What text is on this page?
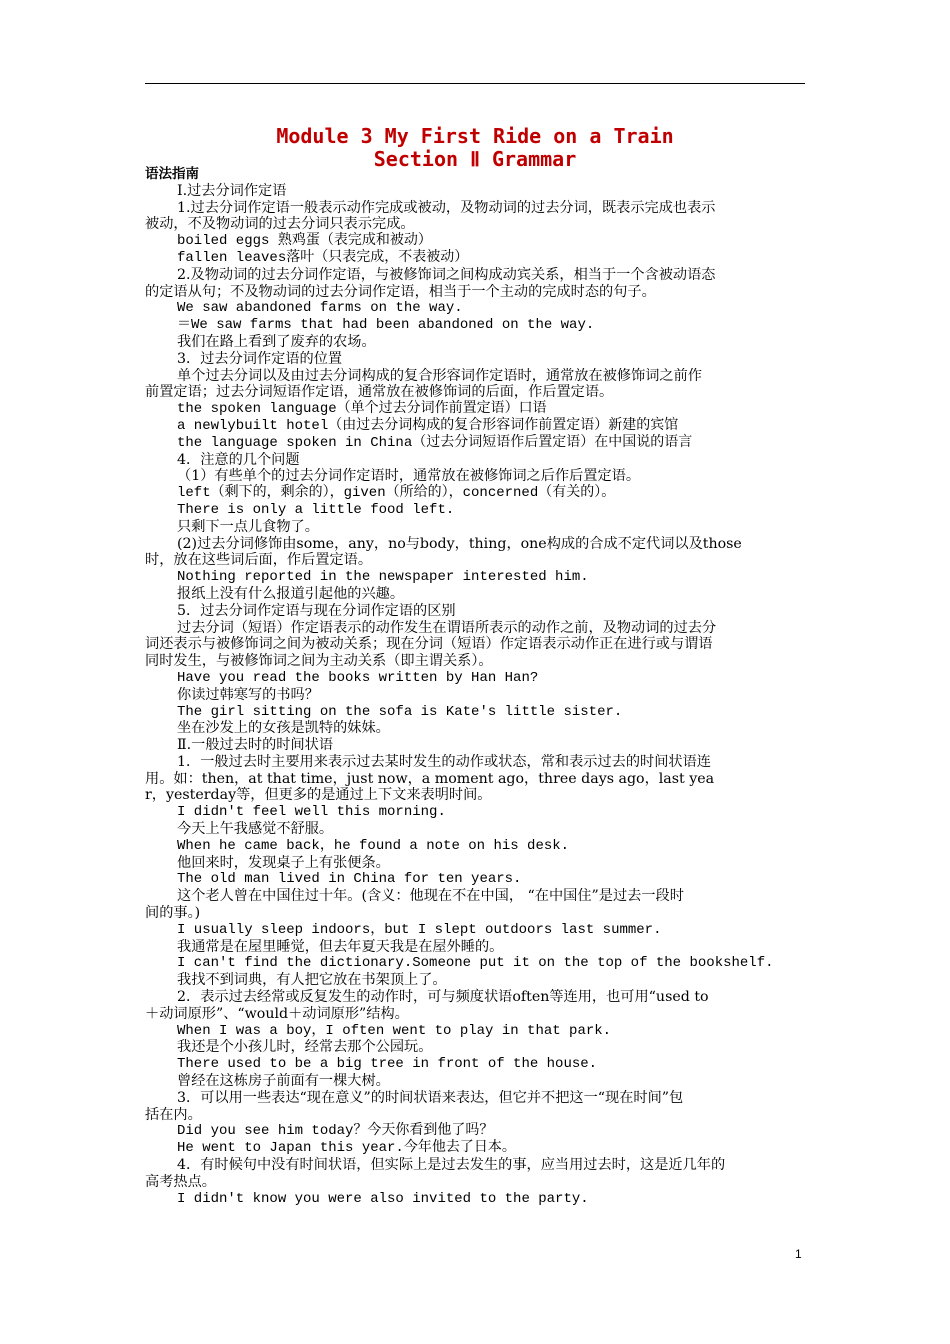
Module 3 My First Ride on a Train
Section Ⅱ Grammar
语法指南
Ⅰ.过去分词作定语
1.过去分词作定语一般表示动作完成或被动，及物动词的过去分词，既表示完成也表示
被动，不及物动词的过去分词只表示完成。
boiled eggs 熟鸡蛋（表完成和被动）
fallen leaves落叶（只表完成，不表被动）
2.及物动词的过去分词作定语，与被修饰词之间构成动宾关系，相当于一个含被动语态
的定语从句；不及物动词的过去分词作定语，相当于一个主动的完成时态的句子。
We saw abandoned farms on the way.
＝We saw farms that had been abandoned on the way.
我们在路上看到了废弃的农场。
3．过去分词作定语的位置
单个过去分词以及由过去分词构成的复合形容词作定语时，通常放在被修饰词之前作
前置定语；过去分词短语作定语，通常放在被修饰词的后面，作后置定语。
the spoken language（单个过去分词作前置定语）口语
a newlybuilt hotel（由过去分词构成的复合形容词作前置定语）新建的宾馆
the language spoken in China（过去分词短语作后置定语）在中国说的语言
4．注意的几个问题
（1）有些单个的过去分词作定语时，通常放在被修饰词之后作后置定语。
left（剩下的，剩余的），given（所给的），concerned（有关的）。
There is only a little food left.
只剩下一点儿食物了。
(2)过去分词修饰由some，any，no与body，thing，one构成的合成不定代词以及those
时，放在这些词后面，作后置定语。
Nothing reported in the newspaper interested him.
报纸上没有什么报道引起他的兴趣。
5．过去分词作定语与现在分词作定语的区别
过去分词（短语）作定语表示的动作发生在谓语所表示的动作之前，及物动词的过去分
词还表示与被修饰词之间为被动关系；现在分词（短语）作定语表示动作正在进行或与谓语
同时发生，与被修饰词之间为主动关系（即主谓关系）。
Have you read the books written by Han Han?
你读过韩寒写的书吗？
The girl sitting on the sofa is Kate's little sister.
坐在沙发上的女孩是凯特的妹妹。
Ⅱ.一般过去时的时间状语
1．一般过去时主要用来表示过去某时发生的动作或状态，常和表示过去的时间状语连
用。如：then，at that time，just now，a moment ago，three days ago，last yea
r，yesterday等，但更多的是通过上下文来表明时间。
I didn't feel well this morning.
今天上午我感觉不舒服。
When he came back，he found a note on his desk.
他回来时，发现桌子上有张便条。
The old man lived in China for ten years.
这个老人曾在中国住过十年。(含义：他现在不在中国， “在中国住”是过去一段时
间的事。)
I usually sleep indoors，but I slept outdoors last summer.
我通常是在屋里睡觉，但去年夏天我是在屋外睡的。
I can't find the dictionary.Someone put it on the top of the bookshelf.
我找不到词典，有人把它放在书架顶上了。
2．表示过去经常或反复发生的动作时，可与频度状语often等连用，也可用“used to
＋动词原形”、“would＋动词原形”结构。
When I was a boy，I often went to play in that park.
我还是个小孩儿时，经常去那个公园玩。
There used to be a big tree in front of the house.
曾经在这栋房子前面有一棵大树。
3．可以用一些表达“现在意义”的时间状语来表达，但它并不把这一“现在时间”包
括在内。
Did you see him today？今天你看到他了吗？
He went to Japan this year.今年他去了日本。
4．有时候句中没有时间状语，但实际上是过去发生的事，应当用过去时，这是近几年的
高考热点。
I didn't know you were also invited to the party.
1
